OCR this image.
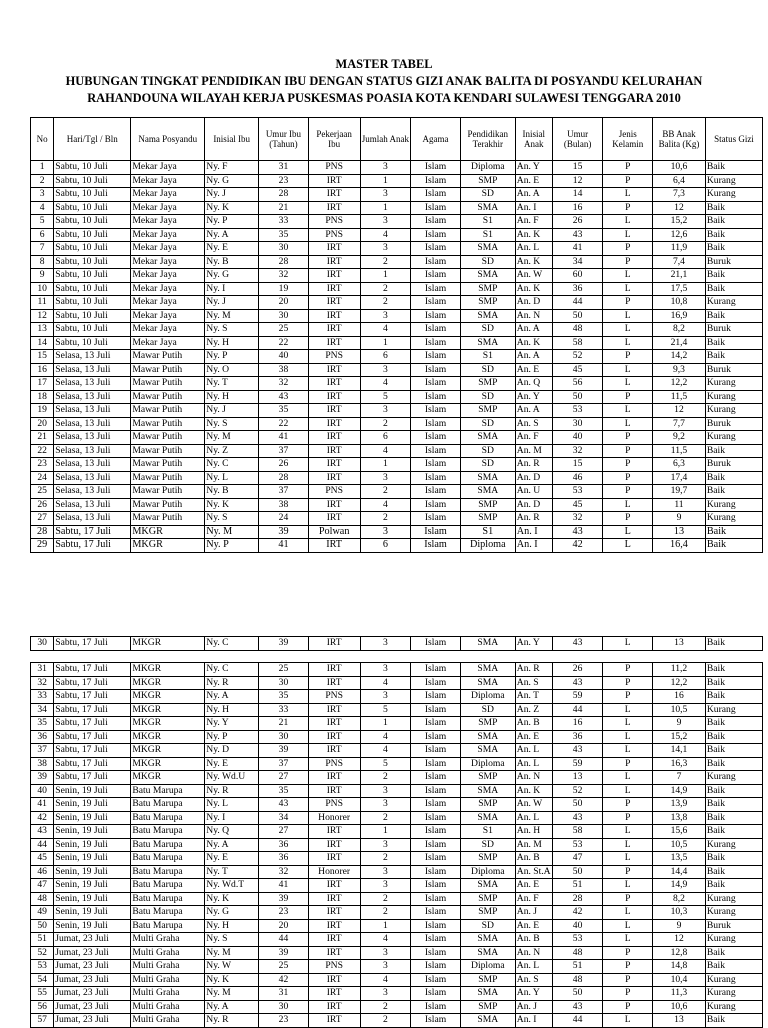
MASTER TABEL
HUBUNGAN TINGKAT PENDIDIKAN IBU DENGAN STATUS GIZI ANAK BALITA DI POSYANDU KELURAHAN
RAHANDOUNA WILAYAH KERJA PUSKESMAS POASIA KOTA KENDARI SULAWESI TENGGARA 2010
No	Hari/Tgl / Bln	Nama Posyandu	Inisial Ibu	Umur Ibu (Tahun)	Pekerjaan Ibu	Jumlah Anak	Agama	Pendidikan Terakhir	Inisial Anak	Umur (Bulan)	Jenis Kelamin	BB Anak Balita (Kg)	Status Gizi
1	Sabtu, 10 Juli	Mekar Jaya	Ny. F	31	PNS	3	Islam	Diploma	An. Y	15	P	10,6	Baik
2	Sabtu, 10 Juli	Mekar Jaya	Ny. G	23	IRT	1	Islam	SMP	An. E	12	P	6,4	Kurang
3	Sabtu, 10 Juli	Mekar Jaya	Ny. J	28	IRT	3	Islam	SD	An. A	14	L	7,3	Kurang
4	Sabtu, 10 Juli	Mekar Jaya	Ny. K	21	IRT	1	Islam	SMA	An. I	16	P	12	Baik
5	Sabtu, 10 Juli	Mekar Jaya	Ny. P	33	PNS	3	Islam	S1	An. F	26	L	15,2	Baik
6	Sabtu, 10 Juli	Mekar Jaya	Ny. A	35	PNS	4	Islam	S1	An. K	43	L	12,6	Baik
7	Sabtu, 10 Juli	Mekar Jaya	Ny. E	30	IRT	3	Islam	SMA	An. L	41	P	11,9	Baik
8	Sabtu, 10 Juli	Mekar Jaya	Ny. B	28	IRT	2	Islam	SD	An. K	34	P	7,4	Buruk
9	Sabtu, 10 Juli	Mekar Jaya	Ny. G	32	IRT	1	Islam	SMA	An. W	60	L	21,1	Baik
10	Sabtu, 10 Juli	Mekar Jaya	Ny. I	19	IRT	2	Islam	SMP	An. K	36	L	17,5	Baik
11	Sabtu, 10 Juli	Mekar Jaya	Ny. J	20	IRT	2	Islam	SMP	An. D	44	P	10,8	Kurang
12	Sabtu, 10 Juli	Mekar Jaya	Ny. M	30	IRT	3	Islam	SMA	An. N	50	L	16,9	Baik
13	Sabtu, 10 Juli	Mekar Jaya	Ny. S	25	IRT	4	Islam	SD	An. A	48	L	8,2	Buruk
14	Sabtu, 10 Juli	Mekar Jaya	Ny. H	22	IRT	1	Islam	SMA	An. K	58	L	21,4	Baik
15	Selasa, 13 Juli	Mawar Putih	Ny. P	40	PNS	6	Islam	S1	An. A	52	P	14,2	Baik
16	Selasa, 13 Juli	Mawar Putih	Ny. O	38	IRT	3	Islam	SD	An. E	45	L	9,3	Buruk
17	Selasa, 13 Juli	Mawar Putih	Ny. T	32	IRT	4	Islam	SMP	An. Q	56	L	12,2	Kurang
18	Selasa, 13 Juli	Mawar Putih	Ny. H	43	IRT	5	Islam	SD	An. Y	50	P	11,5	Kurang
19	Selasa, 13 Juli	Mawar Putih	Ny. J	35	IRT	3	Islam	SMP	An. A	53	L	12	Kurang
20	Selasa, 13 Juli	Mawar Putih	Ny. S	22	IRT	2	Islam	SD	An. S	30	L	7,7	Buruk
21	Selasa, 13 Juli	Mawar Putih	Ny. M	41	IRT	6	Islam	SMA	An. F	40	P	9,2	Kurang
22	Selasa, 13 Juli	Mawar Putih	Ny. Z	37	IRT	4	Islam	SD	An. M	32	P	11,5	Baik
23	Selasa, 13 Juli	Mawar Putih	Ny. C	26	IRT	1	Islam	SD	An. R	15	P	6,3	Buruk
24	Selasa, 13 Juli	Mawar Putih	Ny. L	28	IRT	3	Islam	SMA	An. D	46	P	17,4	Baik
25	Selasa, 13 Juli	Mawar Putih	Ny. B	37	PNS	2	Islam	SMA	An. U	53	P	19,7	Baik
26	Selasa, 13 Juli	Mawar Putih	Ny. K	38	IRT	4	Islam	SMP	An. D	45	L	11	Kurang
27	Selasa, 13 Juli	Mawar Putih	Ny. S	24	IRT	2	Islam	SMP	An. R	32	P	9	Kurang
28	Sabtu, 17 Juli	MKGR	Ny. M	39	Polwan	3	Islam	S1	An. I	43	L	13	Baik
29	Sabtu, 17 Juli	MKGR	Ny. P	41	IRT	6	Islam	Diploma	An. I	42	L	16,4	Baik
30	Sabtu, 17 Juli	MKGR	Ny. C	39	IRT	3	Islam	SMA	An. Y	43	L	13	Baik
31	Sabtu, 17 Juli	MKGR	Ny. C	25	IRT	3	Islam	SMA	An. R	26	P	11,2	Baik
32	Sabtu, 17 Juli	MKGR	Ny. R	30	IRT	4	Islam	SMA	An. S	43	P	12,2	Baik
33	Sabtu, 17 Juli	MKGR	Ny. A	35	PNS	3	Islam	Diploma	An. T	59	P	16	Baik
34	Sabtu, 17 Juli	MKGR	Ny. H	33	IRT	5	Islam	SD	An. Z	44	L	10,5	Kurang
35	Sabtu, 17 Juli	MKGR	Ny. Y	21	IRT	1	Islam	SMP	An. B	16	L	9	Baik
36	Sabtu, 17 Juli	MKGR	Ny. P	30	IRT	4	Islam	SMA	An. E	36	L	15,2	Baik
37	Sabtu, 17 Juli	MKGR	Ny. D	39	IRT	4	Islam	SMA	An. L	43	L	14,1	Baik
38	Sabtu, 17 Juli	MKGR	Ny. E	37	PNS	5	Islam	Diploma	An. L	59	P	16,3	Baik
39	Sabtu, 17 Juli	MKGR	Ny. Wd.U	27	IRT	2	Islam	SMP	An. N	13	L	7	Kurang
40	Senin, 19 Juli	Batu Marupa	Ny. R	35	IRT	3	Islam	SMA	An. K	52	L	14,9	Baik
41	Senin, 19 Juli	Batu Marupa	Ny. L	43	PNS	3	Islam	SMP	An. W	50	P	13,9	Baik
42	Senin, 19 Juli	Batu Marupa	Ny. I	34	Honorer	2	Islam	SMA	An. L	43	P	13,8	Baik
43	Senin, 19 Juli	Batu Marupa	Ny. Q	27	IRT	1	Islam	S1	An. H	58	L	15,6	Baik
44	Senin, 19 Juli	Batu Marupa	Ny. A	36	IRT	3	Islam	SD	An. M	53	L	10,5	Kurang
45	Senin, 19 Juli	Batu Marupa	Ny. E	36	IRT	2	Islam	SMP	An. B	47	L	13,5	Baik
46	Senin, 19 Juli	Batu Marupa	Ny. T	32	Honorer	3	Islam	Diploma	An. St.A	50	P	14,4	Baik
47	Senin, 19 Juli	Batu Marupa	Ny. Wd.T	41	IRT	3	Islam	SMA	An. E	51	L	14,9	Baik
48	Senin, 19 Juli	Batu Marupa	Ny. K	39	IRT	2	Islam	SMP	An. F	28	P	8,2	Kurang
49	Senin, 19 Juli	Batu Marupa	Ny. G	23	IRT	2	Islam	SMP	An. J	42	L	10,3	Kurang
50	Senin, 19 Juli	Batu Marupa	Ny. H	20	IRT	1	Islam	SD	An. E	40	L	9	Buruk
51	Jumat, 23 Juli	Multi Graha	Ny. S	44	IRT	4	Islam	SMA	An. B	53	L	12	Kurang
52	Jumat, 23 Juli	Multi Graha	Ny. M	39	IRT	3	Islam	SMA	An. N	48	P	12,8	Baik
53	Jumat, 23 Juli	Multi Graha	Ny. W	25	PNS	3	Islam	Diploma	An. L	51	P	14,8	Baik
54	Jumat, 23 Juli	Multi Graha	Ny. K	42	IRT	4	Islam	SMP	An. S	48	P	10,4	Kurang
55	Jumat, 23 Juli	Multi Graha	Ny. M	31	IRT	3	Islam	SMA	An. Y	50	P	11,3	Kurang
56	Jumat, 23 Juli	Multi Graha	Ny. A	30	IRT	2	Islam	SMP	An. J	43	P	10,6	Kurang
57	Jumat, 23 Juli	Multi Graha	Ny. R	23	IRT	2	Islam	SMA	An. I	44	L	13	Baik
